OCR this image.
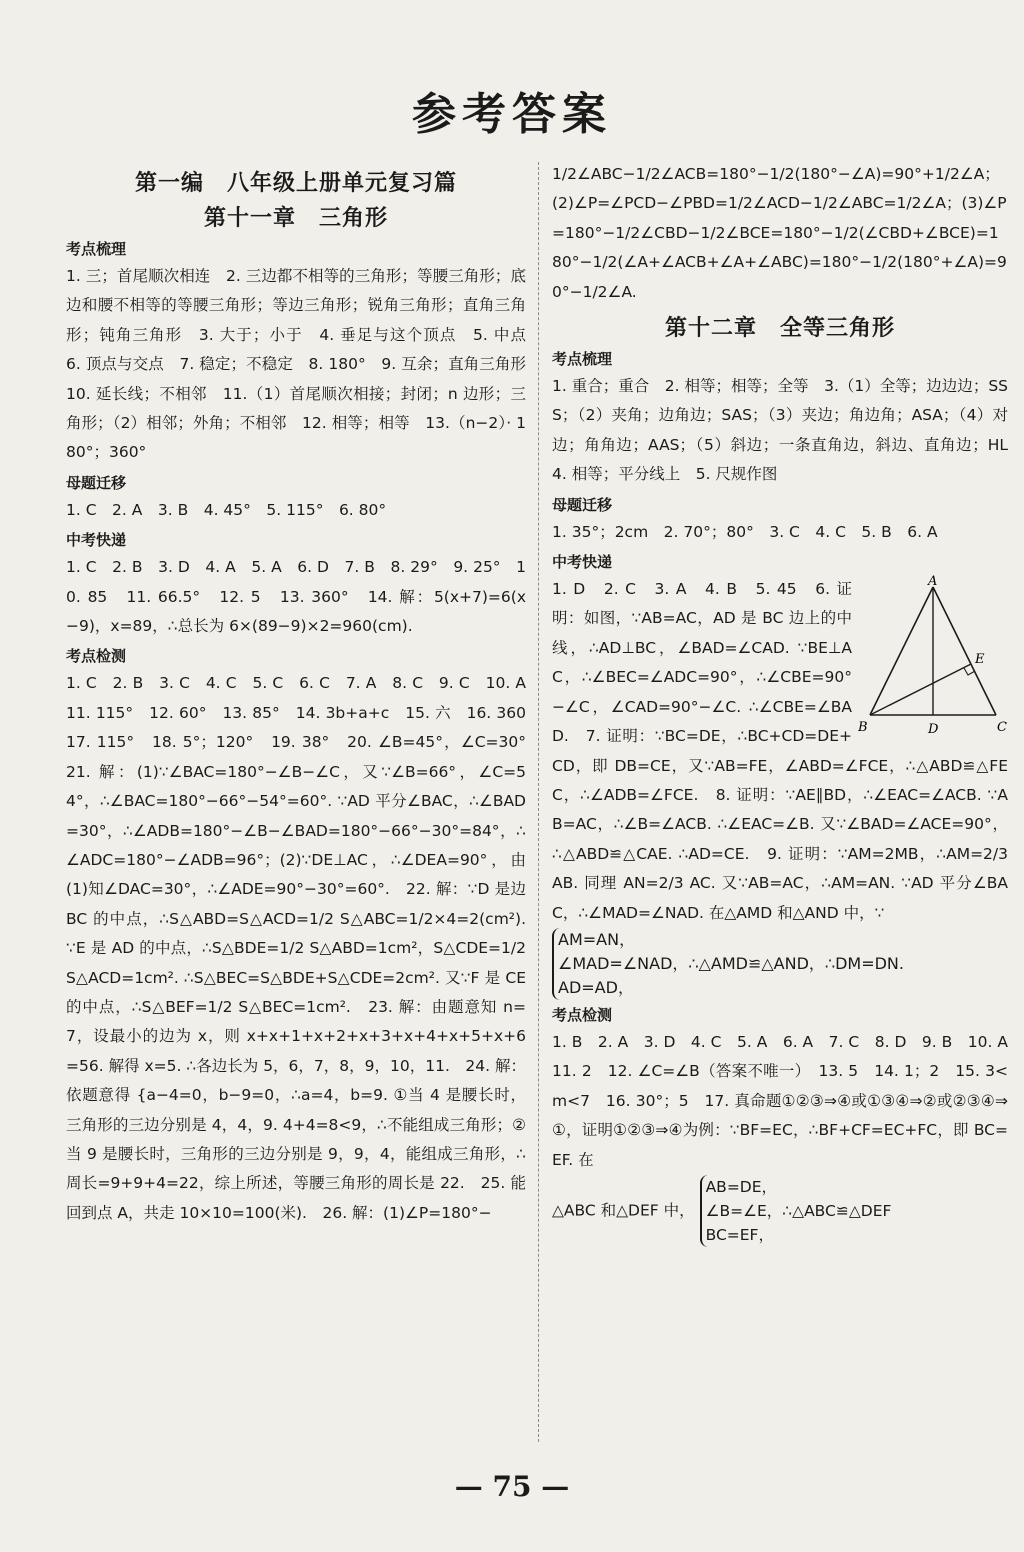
参考答案
第一编　八年级上册单元复习篇
第十一章　三角形
考点梳理

1. 三；首尾顺次相连　2. 三边都不相等的三角形；等腰三角形；底边和腰不相等的等腰三角形；等边三角形；锐角三角形；直角三角形；钝角三角形　3. 大于；小于　4. 垂足与这个顶点　5. 中点　6. 顶点与交点　7. 稳定；不稳定　8. 180°　9. 互余；直角三角形　10. 延长线；不相邻　11.（1）首尾顺次相接；封闭；n 边形；三角形；（2）相邻；外角；不相邻　12. 相等；相等　13.（n−2）· 180°；360°

母题迁移

1. C　2. A　3. B　4. 45°　5. 115°　6. 80°

中考快递

1. C　2. B　3. D　4. A　5. A　6. D　7. B　8. 29°　9. 25°　10. 85　11. 66.5°　12. 5　13. 360°　14. 解：5(x+7)=6(x−9)，x=89，∴总长为 6×(89−9)×2=960(cm).

考点检测

1. C　2. B　3. C　4. C　5. C　6. C　7. A　8. C　9. C　10. A　11. 115°　12. 60°　13. 85°　14. 3b+a+c　15. 六　16. 360　17. 115°　18. 5°；120°　19. 38°　20. ∠B=45°，∠C=30°　21. 解：(1)∵∠BAC=180°−∠B−∠C，又∵∠B=66°，∠C=54°，∴∠BAC=180°−66°−54°=60°. ∵AD 平分∠BAC，∴∠BAD=30°，∴∠ADB=180°−∠B−∠BAD=180°−66°−30°=84°，∴∠ADC=180°−∠ADB=96°；(2)∵DE⊥AC，∴∠DEA=90°，由(1)知∠DAC=30°，∴∠ADE=90°−30°=60°.　22. 解：∵D 是边 BC 的中点，∴S△ABD=S△ACD=1/2 S△ABC=1/2×4=2(cm²). ∵E 是 AD 的中点，∴S△BDE=1/2 S△ABD=1cm²，S△CDE=1/2 S△ACD=1cm². ∴S△BEC=S△BDE+S△CDE=2cm². 又∵F 是 CE 的中点，∴S△BEF=1/2 S△BEC=1cm².　23. 解：由题意知 n=7，设最小的边为 x，则 x+x+1+x+2+x+3+x+4+x+5+x+6=56. 解得 x=5. ∴各边长为 5，6，7，8，9，10，11.　24. 解：依题意得 {a−4=0，b−9=0，∴a=4，b=9. ①当 4 是腰长时，三角形的三边分别是 4，4，9. 4+4=8<9，∴不能组成三角形；②当 9 是腰长时，三角形的三边分别是 9，9，4，能组成三角形，∴周长=9+9+4=22，综上所述，等腰三角形的周长是 22.　25. 能回到点 A，共走 10×10=100(米).　26. 解：(1)∠P=180°−

1/2∠ABC−1/2∠ACB=180°−1/2(180°−∠A)=90°+1/2∠A；(2)∠P=∠PCD−∠PBD=1/2∠ACD−1/2∠ABC=1/2∠A；(3)∠P=180°−1/2∠CBD−1/2∠BCE=180°−1/2(∠CBD+∠BCE)=180°−1/2(∠A+∠ACB+∠A+∠ABC)=180°−1/2(180°+∠A)=90°−1/2∠A.

第十二章　全等三角形
考点梳理

1. 重合；重合　2. 相等；相等；全等　3.（1）全等；边边边；SSS；（2）夹角；边角边；SAS；（3）夹边；角边角；ASA；（4）对边；角角边；AAS；（5）斜边；一条直角边，斜边、直角边；HL　4. 相等；平分线上　5. 尺规作图

母题迁移

1. 35°；2cm　2. 70°；80°　3. C　4. C　5. B　6. A

中考快递
A
B	C
D
E

1. D　2. C　3. A　4. B　5. 45　6. 证明：如图，∵AB=AC，AD 是 BC 边上的中线，∴AD⊥BC，∠BAD=∠CAD. ∵BE⊥AC，∴∠BEC=∠ADC=90°，∴∠CBE=90°−∠C，∠CAD=90°−∠C. ∴∠CBE=∠BAD.　7. 证明：∵BC=DE，∴BC+CD=DE+CD，即 DB=CE，又∵AB=FE，∠ABD=∠FCE，∴△ABD≌△FEC，∴∠ADB=∠FCE.　8. 证明：∵AE∥BD，∴∠EAC=∠ACB. ∵AB=AC，∴∠B=∠ACB. ∴∠EAC=∠B. 又∵∠BAD=∠ACE=90°，∴△ABD≌△CAE. ∴AD=CE.　9. 证明：∵AM=2MB，∴AM=2/3 AB. 同理 AN=2/3 AC. 又∵AB=AC，∴AM=AN. ∵AD 平分∠BAC，∴∠MAD=∠NAD. 在△AMD 和△AND 中，∵

AM=AN，
∠MAD=∠NAD，∴△AMD≌△AND，∴DM=DN.
AD=AD，
考点检测

1. B　2. A　3. D　4. C　5. A　6. A　7. C　8. D　9. B　10. A　11. 2　12. ∠C=∠B（答案不唯一）　13. 5　14. 1；2　15. 3<m<7　16. 30°；5　17. 真命题①②③⇒④或①③④⇒②或②③④⇒①，证明①②③⇒④为例：∵BF=EC，∴BF+CF=EC+FC，即 BC=EF. 在

△ABC 和△DEF 中，
AB=DE，
∠B=∠E，∴△ABC≌△DEF
BC=EF，
— 75 —
